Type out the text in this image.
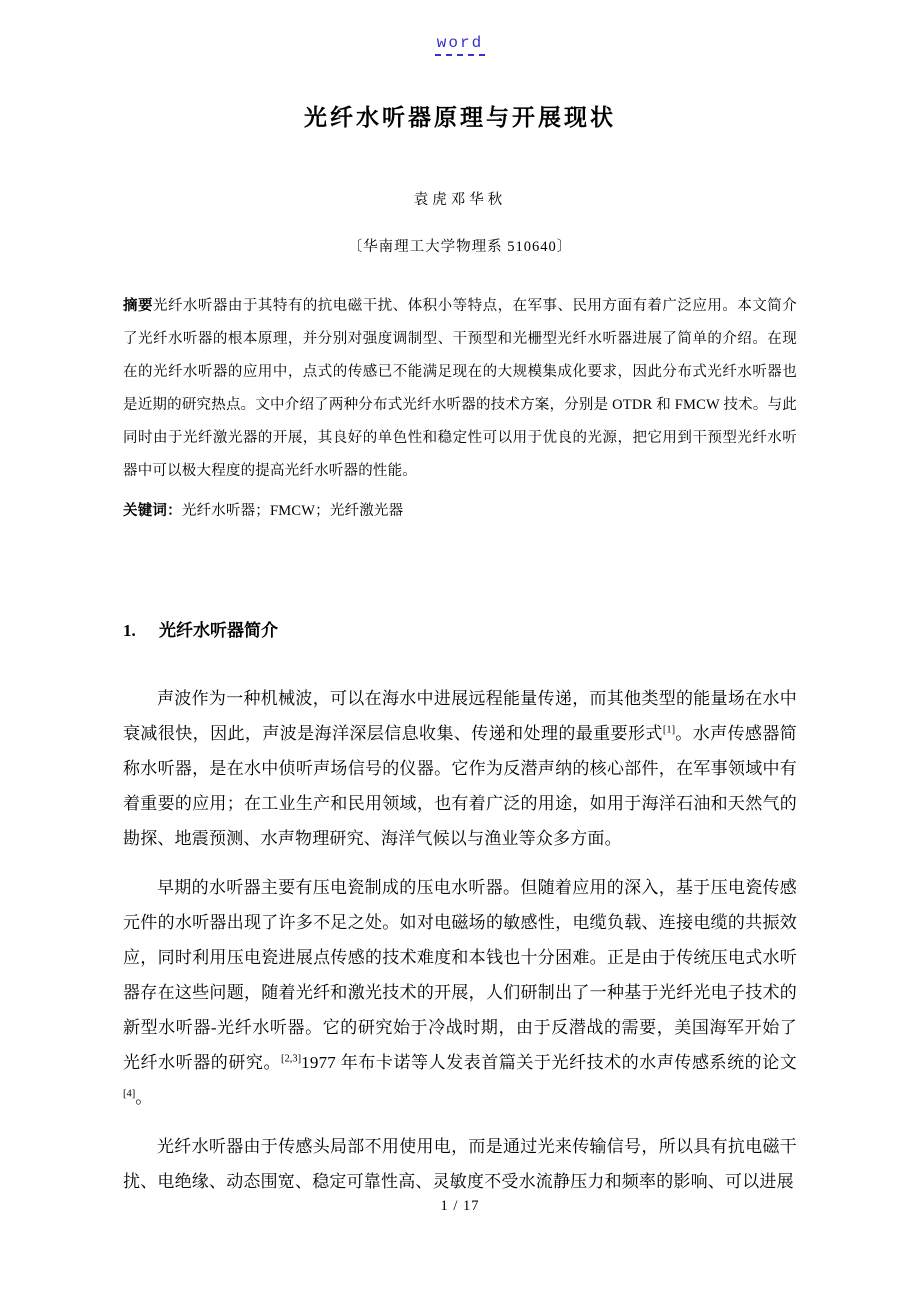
word
光纤水听器原理与开展现状
袁虎邓华秋
〔华南理工大学物理系 510640〕

摘要光纤水听器由于其特有的抗电磁干扰、体积小等特点，在军事、民用方面有着广泛应用。本文简介了光纤水听器的根本原理，并分别对强度调制型、干预型和光栅型光纤水听器进展了简单的介绍。在现在的光纤水听器的应用中，点式的传感已不能满足现在的大规模集成化要求，因此分布式光纤水听器也是近期的研究热点。文中介绍了两种分布式光纤水听器的技术方案，分别是 OTDR 和 FMCW 技术。与此同时由于光纤激光器的开展，其良好的单色性和稳定性可以用于优良的光源，把它用到干预型光纤水听器中可以极大程度的提高光纤水听器的性能。

关键词：光纤水听器；FMCW；光纤激光器

1. 光纤水听器简介

声波作为一种机械波，可以在海水中进展远程能量传递，而其他类型的能量场在水中衰减很快，因此，声波是海洋深层信息收集、传递和处理的最重要形式[1]。水声传感器简称水听器，是在水中侦听声场信号的仪器。它作为反潜声纳的核心部件，在军事领域中有着重要的应用；在工业生产和民用领域，也有着广泛的用途，如用于海洋石油和天然气的勘探、地震预测、水声物理研究、海洋气候以与渔业等众多方面。

早期的水听器主要有压电瓷制成的压电水听器。但随着应用的深入，基于压电瓷传感元件的水听器出现了许多不足之处。如对电磁场的敏感性，电缆负载、连接电缆的共振效应，同时利用压电瓷进展点传感的技术难度和本钱也十分困难。正是由于传统压电式水听器存在这些问题，随着光纤和激光技术的开展，人们研制出了一种基于光纤光电子技术的新型水听器-光纤水听器。它的研究始于冷战时期，由于反潜战的需要，美国海军开始了光纤水听器的研究。[2,3]1977 年布卡诺等人发表首篇关于光纤技术的水声传感系统的论文[4]。

光纤水听器由于传感头局部不用使用电，而是通过光来传输信号，所以具有抗电磁干扰、电绝缘、动态围宽、稳定可靠性高、灵敏度不受水流静压力和频率的影响、可以进展

1 / 17
